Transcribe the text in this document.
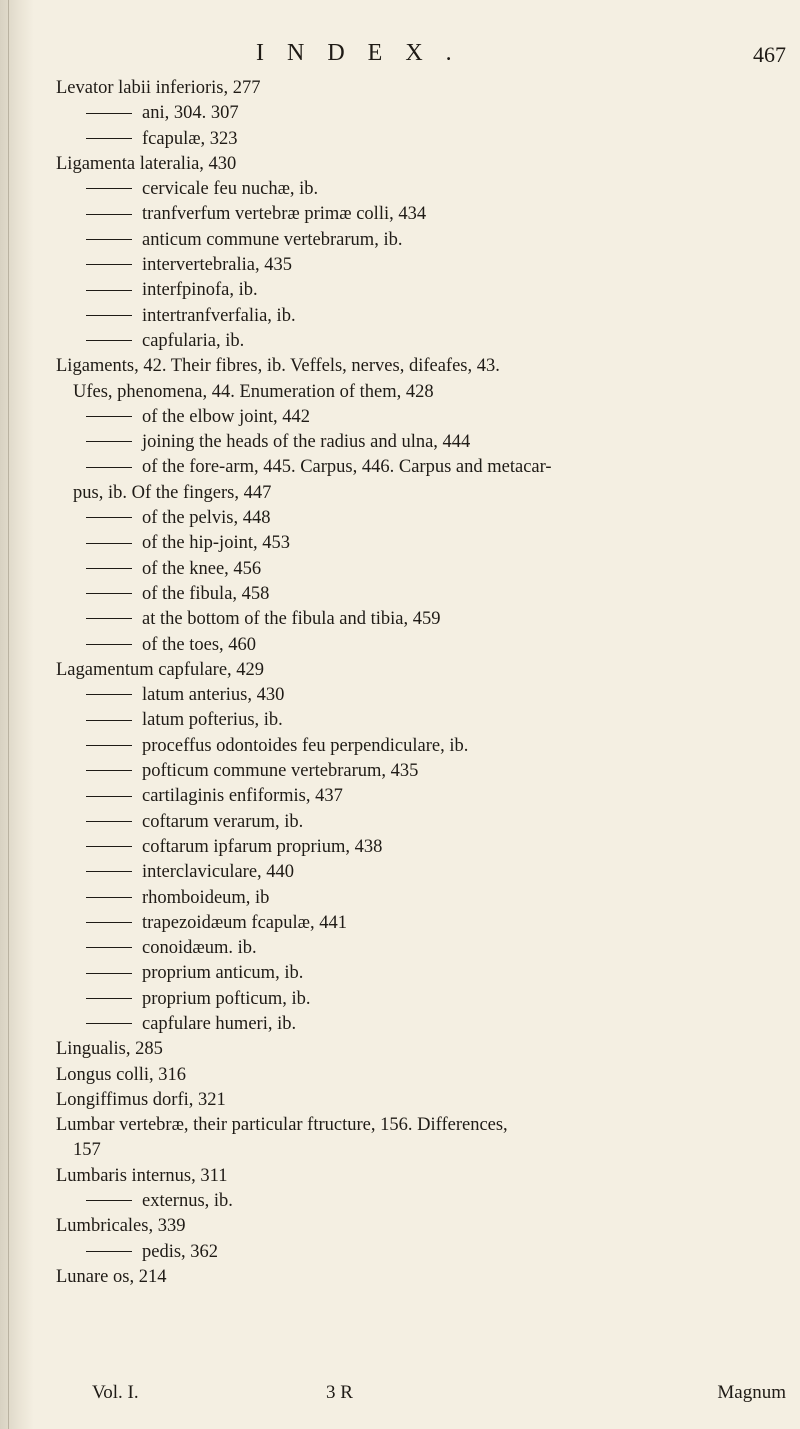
INDEX.	467
Levator labii inferioris, 277
ani, 304. 307
fcapulæ, 323
Ligamenta lateralia, 430
cervicale feu nuchæ, ib.
tranfverfum vertebræ primæ colli, 434
anticum commune vertebrarum, ib.
intervertebralia, 435
interfpinofa, ib.
intertranfverfalia, ib.
capfularia, ib.
Ligaments, 42. Their fibres, ib. Veffels, nerves, difeafes, 43.
Ufes, phenomena, 44. Enumeration of them, 428
of the elbow joint, 442
joining the heads of the radius and ulna, 444
of the fore-arm, 445. Carpus, 446. Carpus and metacar-
pus, ib. Of the fingers, 447
of the pelvis, 448
of the hip-joint, 453
of the knee, 456
of the fibula, 458
at the bottom of the fibula and tibia, 459
of the toes, 460
Lagamentum capfulare, 429
latum anterius, 430
latum pofterius, ib.
proceffus odontoides feu perpendiculare, ib.
pofticum commune vertebrarum, 435
cartilaginis enfiformis, 437
coftarum verarum, ib.
coftarum ipfarum proprium, 438
interclaviculare, 440
rhomboideum, ib
trapezoidæum fcapulæ, 441
conoidæum. ib.
proprium anticum, ib.
proprium pofticum, ib.
capfulare humeri, ib.
Lingualis, 285
Longus colli, 316
Longiffimus dorfi, 321
Lumbar vertebræ, their particular ftructure, 156. Differences,
157
Lumbaris internus, 311
externus, ib.
Lumbricales, 339
pedis, 362
Lunare os, 214
Vol. I.	3 R	Magnum
